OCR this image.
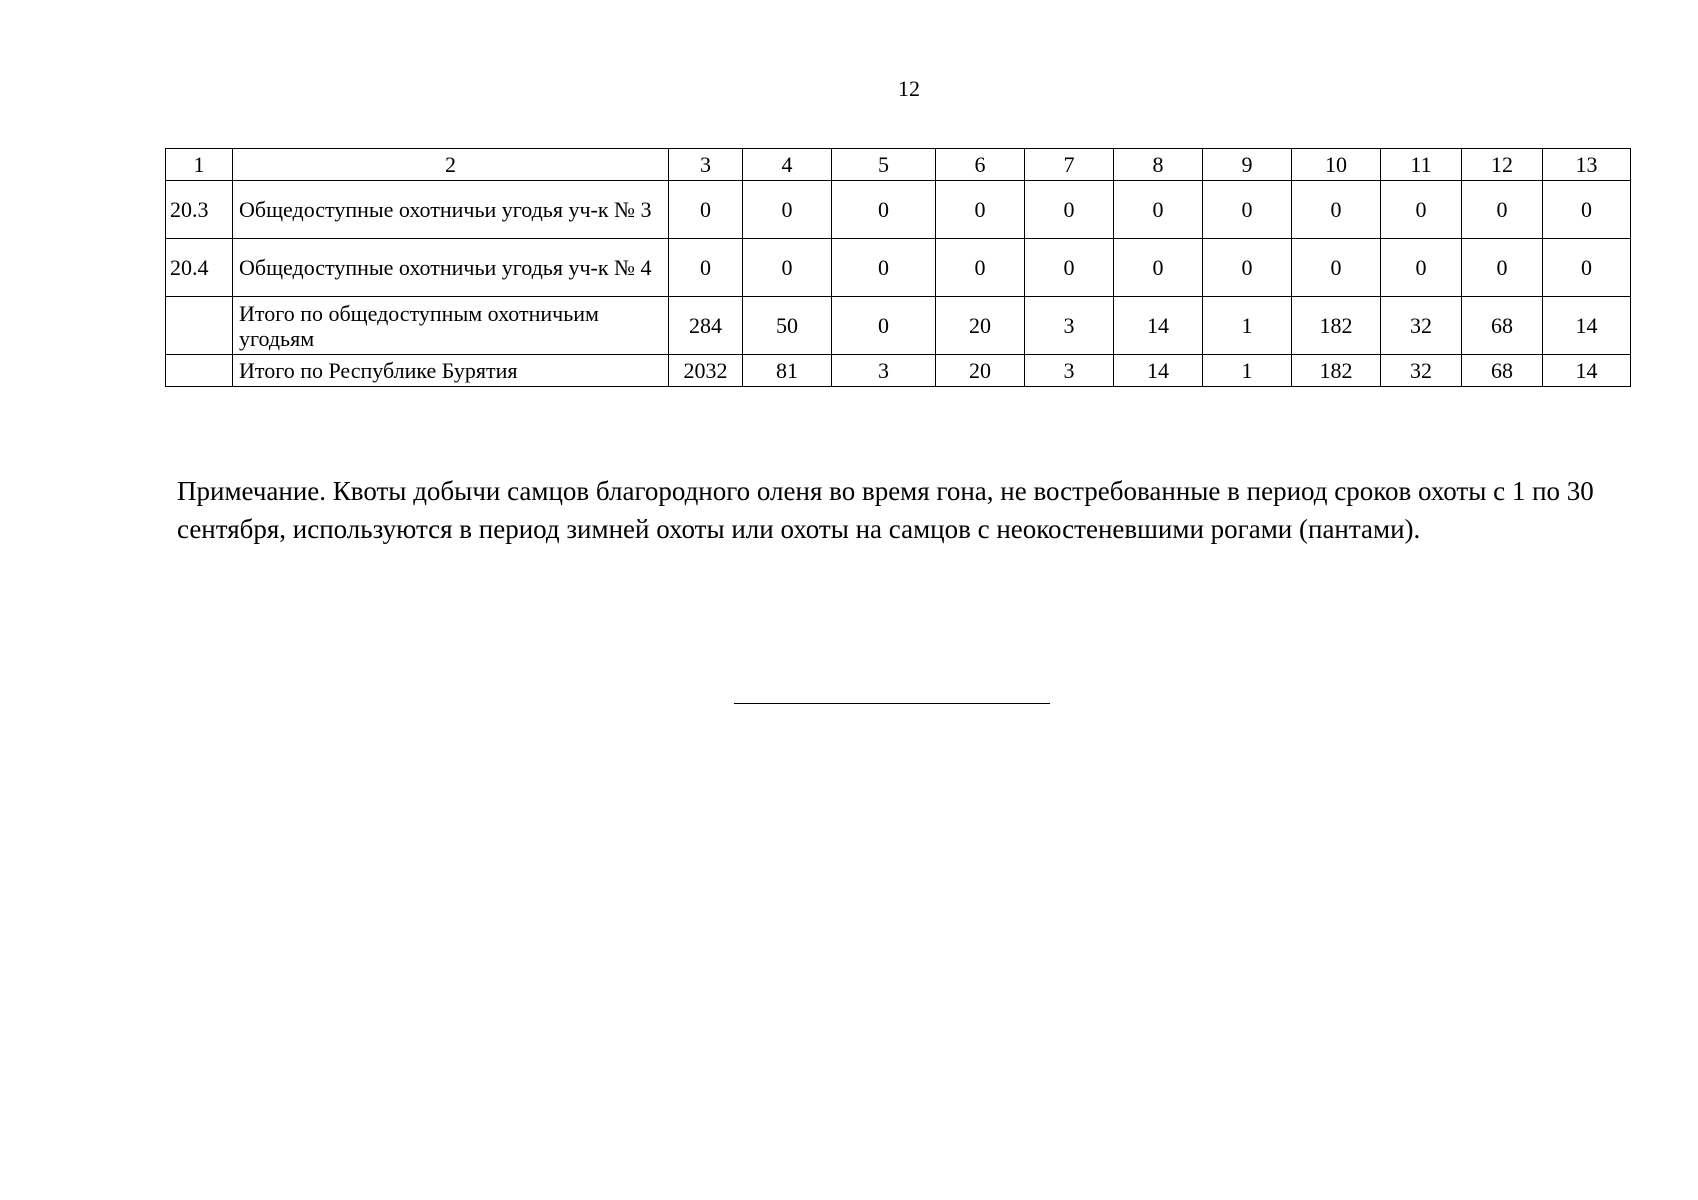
12
1	2	3	4	5	6	7	8	9	10	11	12	13
20.3	Общедоступные охотничьи угодья уч-к № 3	0	0	0	0	0	0	0	0	0	0	0
20.4	Общедоступные охотничьи угодья уч-к № 4	0	0	0	0	0	0	0	0	0	0	0
	Итого по общедоступным охотничьим угодьям	284	50	0	20	3	14	1	182	32	68	14
	Итого по Республике Бурятия	2032	81	3	20	3	14	1	182	32	68	14

Примечание. Квоты добычи самцов благородного оленя во время гона, не востребованные в период сроков охоты с 1 по 30 сентября, используются в период зимней охоты или охоты на самцов с неокостеневшими рогами (пантами).
